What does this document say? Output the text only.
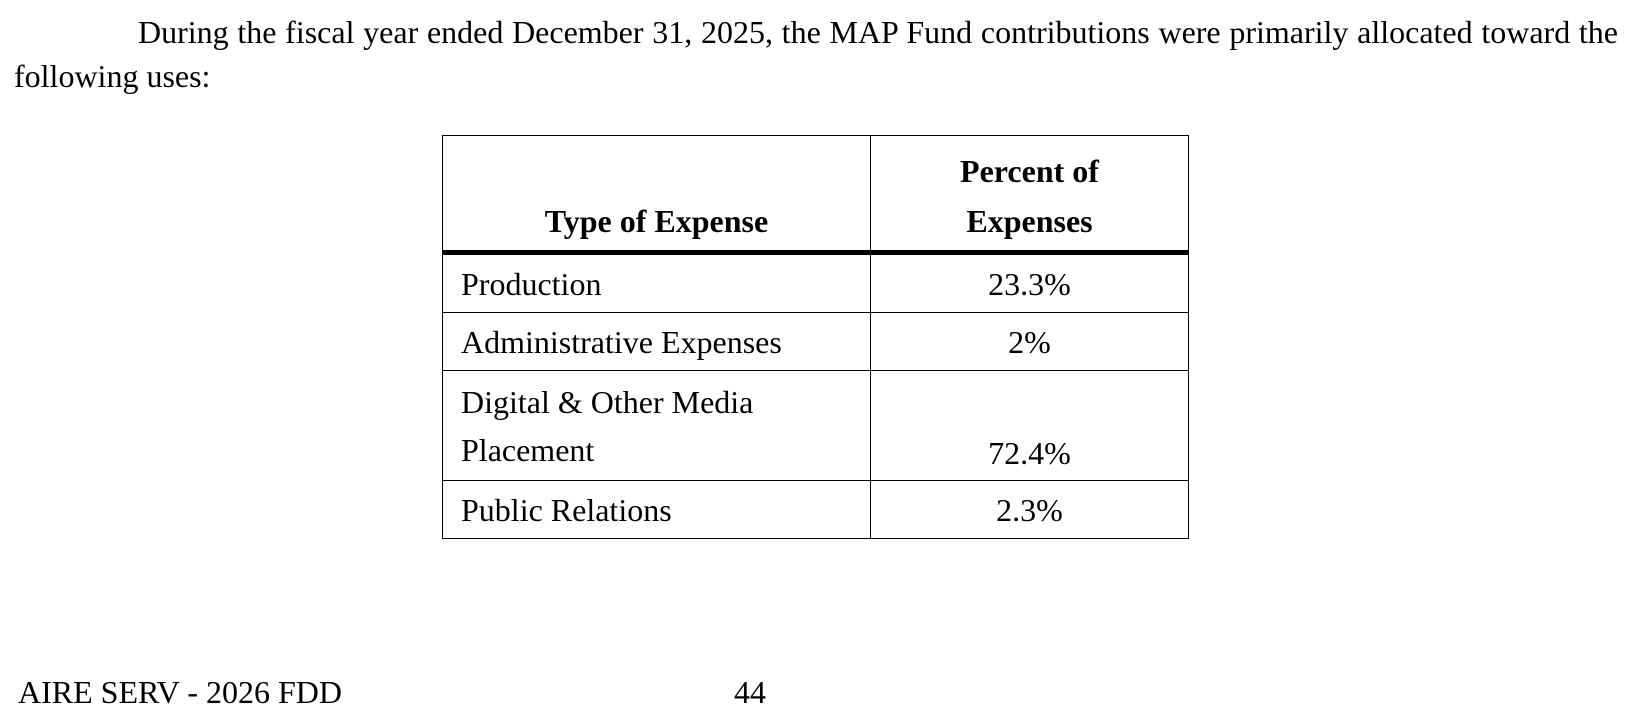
During the fiscal year ended December 31, 2025, the MAP Fund contributions were primarily allocated toward the following uses:

Type of Expense	Percent of
Expenses

Production	23.3%
Administrative Expenses	2%

Digital & Other Media
Placement	72.4%
Public Relations	2.3%

AIRE SERV - 2026 FDD	44
